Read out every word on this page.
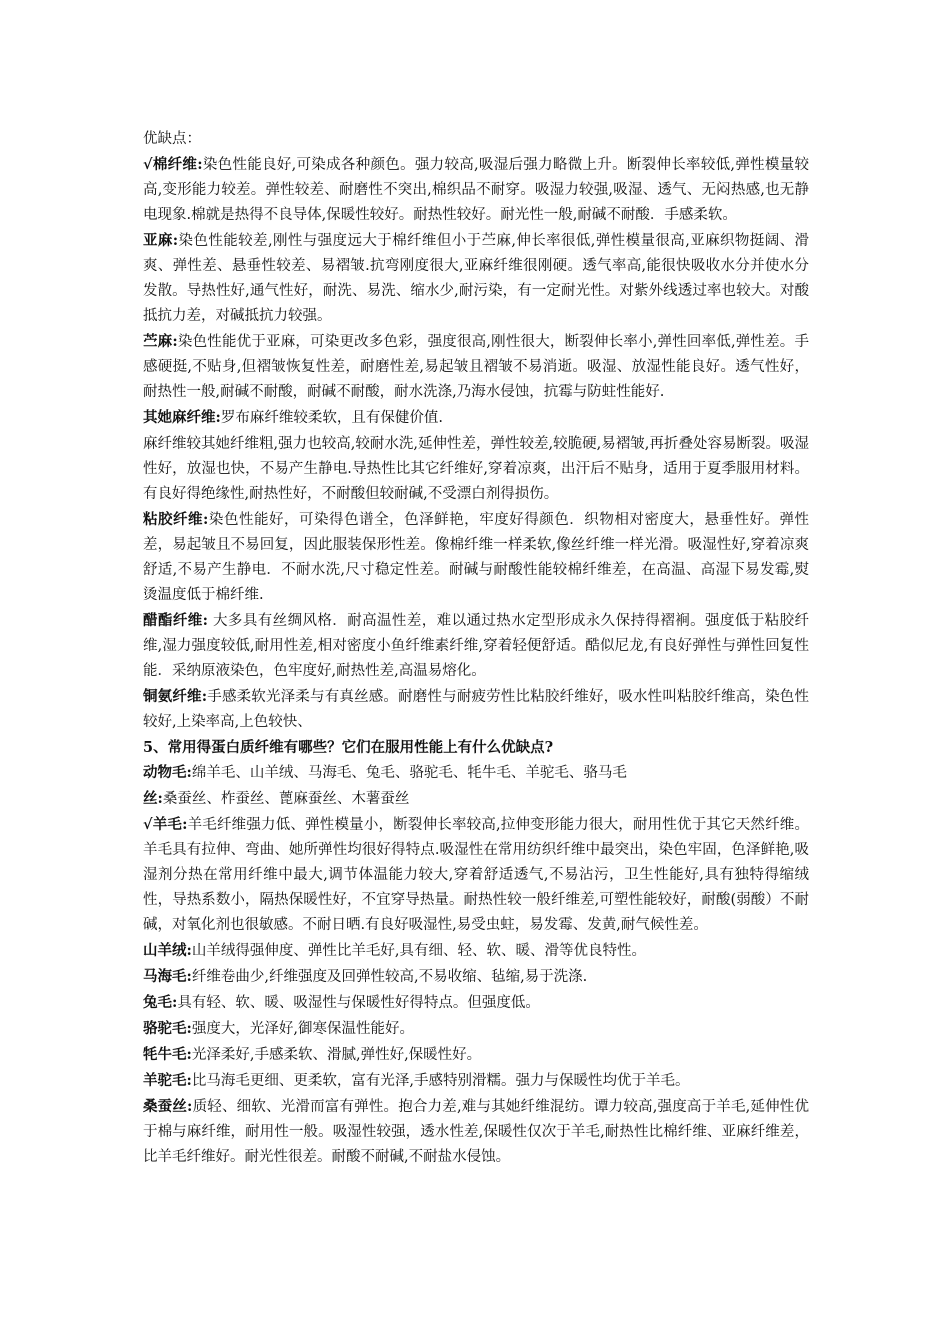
优缺点：

√棉纤维:染色性能良好,可染成各种颜色。强力较高,吸湿后强力略微上升。断裂伸长率较低,弹性模量较高,变形能力较差。弹性较差、耐磨性不突出,棉织品不耐穿。吸湿力较强,吸湿、透气、无闷热感,也无静电现象.棉就是热得不良导体,保暖性较好。耐热性较好。耐光性一般,耐碱不耐酸．手感柔软。

亚麻:染色性能较差,刚性与强度远大于棉纤维但小于苎麻,伸长率很低,弹性模量很高,亚麻织物挺阔、滑爽、弹性差、悬垂性较差、易褶皱.抗弯刚度很大,亚麻纤维很刚硬。透气率高,能很快吸收水分并使水分发散。导热性好,通气性好，耐洗、易洗、缩水少,耐污染，有一定耐光性。对紫外线透过率也较大。对酸抵抗力差，对碱抵抗力较强。

苎麻:染色性能优于亚麻，可染更改多色彩，强度很高,刚性很大，断裂伸长率小,弹性回率低,弹性差。手感硬挺,不贴身,但褶皱恢复性差，耐磨性差,易起皱且褶皱不易消逝。吸湿、放湿性能良好。透气性好，耐热性一般,耐碱不耐酸，耐碱不耐酸，耐水洗涤,乃海水侵蚀，抗霉与防蛀性能好.

其她麻纤维:罗布麻纤维较柔软，且有保健价值.

麻纤维较其她纤维粗,强力也较高,较耐水洗,延伸性差，弹性较差,较脆硬,易褶皱,再折叠处容易断裂。吸湿性好，放湿也快，不易产生静电.导热性比其它纤维好,穿着凉爽，出汗后不贴身，适用于夏季服用材料。有良好得绝缘性,耐热性好，不耐酸但较耐碱,不受漂白剂得损伤。

粘胶纤维:染色性能好，可染得色谱全，色泽鲜艳，牢度好得颜色．织物相对密度大，悬垂性好。弹性差，易起皱且不易回复，因此服装保形性差。像棉纤维一样柔软,像丝纤维一样光滑。吸湿性好,穿着凉爽舒适,不易产生静电．不耐水洗,尺寸稳定性差。耐碱与耐酸性能较棉纤维差，在高温、高湿下易发霉,熨烫温度低于棉纤维.

醋酯纤维: 大多具有丝绸风格．耐高温性差，难以通过热水定型形成永久保持得褶裥。强度低于粘胶纤维,湿力强度较低,耐用性差,相对密度小鱼纤维素纤维,穿着轻便舒适。酷似尼龙,有良好弹性与弹性回复性能．采纳原液染色，色牢度好,耐热性差,高温易熔化。

铜氨纤维:手感柔软光泽柔与有真丝感。耐磨性与耐疲劳性比粘胶纤维好，吸水性叫粘胶纤维高，染色性较好,上染率高,上色较快、

5、常用得蛋白质纤维有哪些？它们在服用性能上有什么优缺点?

动物毛:绵羊毛、山羊绒、马海毛、兔毛、骆驼毛、牦牛毛、羊驼毛、骆马毛

丝:桑蚕丝、柞蚕丝、蓖麻蚕丝、木薯蚕丝

√羊毛:羊毛纤维强力低、弹性模量小，断裂伸长率较高,拉伸变形能力很大，耐用性优于其它天然纤维。羊毛具有拉伸、弯曲、她所弹性均很好得特点.吸湿性在常用纺织纤维中最突出，染色牢固，色泽鲜艳,吸湿剂分热在常用纤维中最大,调节体温能力较大,穿着舒适透气,不易沾污，卫生性能好,具有独特得缩绒性，导热系数小，隔热保暖性好，不宜穿导热量。耐热性较一般纤维差,可塑性能较好，耐酸(弱酸）不耐碱，对氧化剂也很敏感。不耐日晒.有良好吸湿性,易受虫蛀，易发霉、发黄,耐气候性差。

山羊绒:山羊绒得强伸度、弹性比羊毛好,具有细、轻、软、暖、滑等优良特性。

马海毛:纤维卷曲少,纤维强度及回弹性较高,不易收缩、毡缩,易于洗涤.

兔毛:具有轻、软、暖、吸湿性与保暖性好得特点。但强度低。

骆驼毛:强度大，光泽好,御寒保温性能好。

牦牛毛:光泽柔好,手感柔软、滑腻,弹性好,保暖性好。

羊驼毛:比马海毛更细、更柔软，富有光泽,手感特别滑糯。强力与保暖性均优于羊毛。

桑蚕丝:质轻、细软、光滑而富有弹性。抱合力差,难与其她纤维混纺。谭力较高,强度高于羊毛,延伸性优于棉与麻纤维，耐用性一般。吸湿性较强，透水性差,保暖性仅次于羊毛,耐热性比棉纤维、亚麻纤维差，比羊毛纤维好。耐光性很差。耐酸不耐碱,不耐盐水侵蚀。
